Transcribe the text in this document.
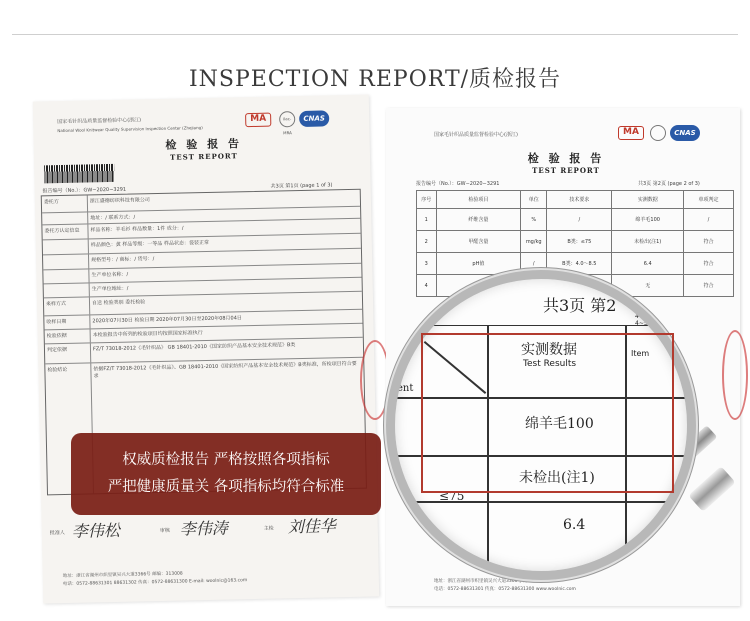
INSPECTION REPORT/质检报告
国家毛针织品质量监督检验中心(浙江)
National Wool Knitwear Quality Supervision Inspection Center (Zhejiang)
MA	ilac-MRA
CNAS
检 验 报 告
TEST REPORT
报告编号（No.）：GW−2020−3291
共3页 第1页 (page 1 of 3)
委托方	浙江盛德纺织科技有限公司
地址：/ 联系方式：/
委托方认定信息	样品名称：羊毛衫 样品数量：1件 成分：/
样品颜色：黄 样品等级：一等品 样品状态：袋装正常
规格型号：/ 商标：/ 货号：/
生产单位名称：/
生产单位地址：/
来样方式	自送 检验类别 委托检验
收样日期	2020年07月30日 检验日期 2020年07月30日至2020年08月04日
检验依据	本检验报告中所列的检验项目均按照国家标准执行
判定依据	FZ/T 73018-2012《毛针织品》 GB 18401-2010《国家纺织产品基本安全技术规范》B类
检验结论	依据FZ/T 73018-2012《毛针织品》、GB 18401-2010《国家纺织产品基本安全技术规范》B类标准，所检项目符合要求
批准人 李伟松	审核 李伟涛	主检 刘佳华
地址：浙江省湖州市织里镇吴兴大道3366号 邮编：313008
电话：0572-88631301 88631302 传真：0572-88631300 E-mail: woolnic@163.com
国家毛针织品质量监督检验中心(浙江)	MA	CNAS
检 验 报 告
TEST REPORT
报告编号（No.）：GW−2020−3291	共3页 第2页 (page 2 of 3)
序号	检验项目	单位	技术要求	实测数据	单项判定
1	纤维含量	%	/	绵羊毛100	/
2	甲醛含量	mg/kg	B类：≤75	未检出(注1)	符合
3	pH值	/	B类：4.0～8.5	6.4	符合
4				无	符合
地址：浙江省湖州市织里镇吴兴大道3366号 邮编：313008
电话：0572-88631301 传真：0572-88631300 www.woolnic.com
共3页 第2
实测数据
Test Results
Item
ent
绵羊毛100
未检出(注1)
≤75
6.4
4~5
4~5
4~5
4~5
权威质检报告 严格按照各项指标
严把健康质量关 各项指标均符合标准
